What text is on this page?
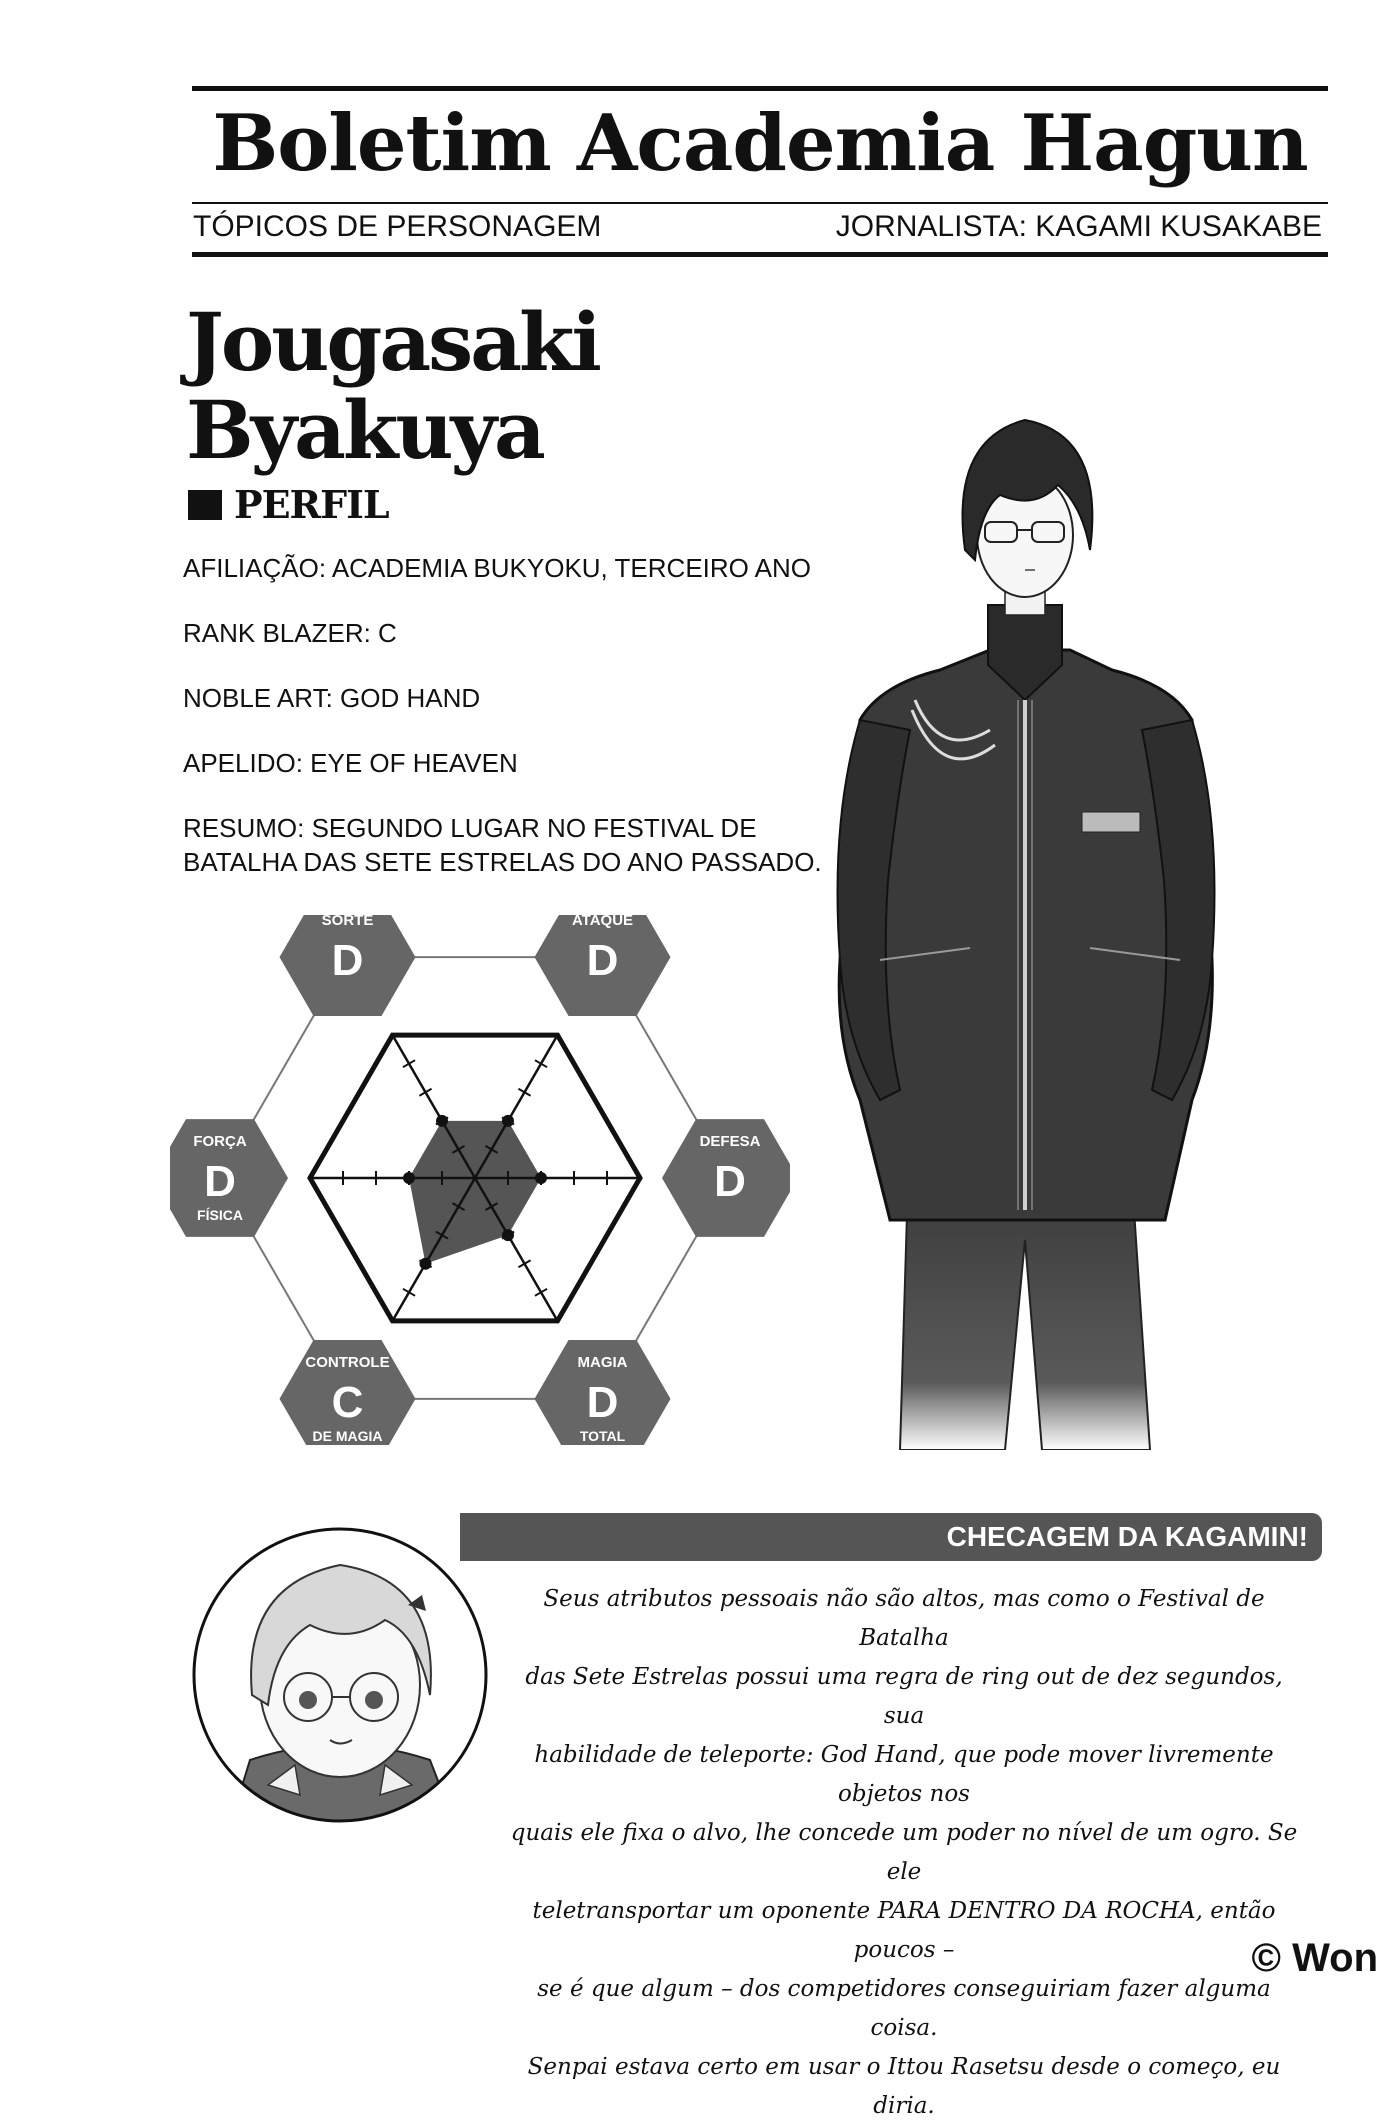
Boletim Academia Hagun
TÓPICOS DE PERSONAGEM	JORNALISTA: KAGAMI KUSAKABE
Jougasaki
Byakuya
PERFIL
AFILIAÇÃO: ACADEMIA BUKYOKU, TERCEIRO ANO
RANK BLAZER: C
NOBLE ART: GOD HAND
APELIDO: EYE OF HEAVEN
RESUMO: SEGUNDO LUGAR NO FESTIVAL DE
BATALHA DAS SETE ESTRELAS DO ANO PASSADO.
SORTE
D
ATAQUE
D
DEFESA
D
MAGIA
D
TOTAL
CONTROLE
C
DE MAGIA
FORÇA
D
FÍSICA
CHECAGEM DA KAGAMIN!
Seus atributos pessoais não são altos, mas como o Festival de Batalha
das Sete Estrelas possui uma regra de ring out de dez segundos, sua
habilidade de teleporte: God Hand, que pode mover livremente objetos nos
quais ele fixa o alvo, lhe concede um poder no nível de um ogro. Se ele
teletransportar um oponente PARA DENTRO DA ROCHA, então poucos –
se é que algum – dos competidores conseguiriam fazer alguma coisa.
Senpai estava certo em usar o Ittou Rasetsu desde o começo, eu diria.
© Won
